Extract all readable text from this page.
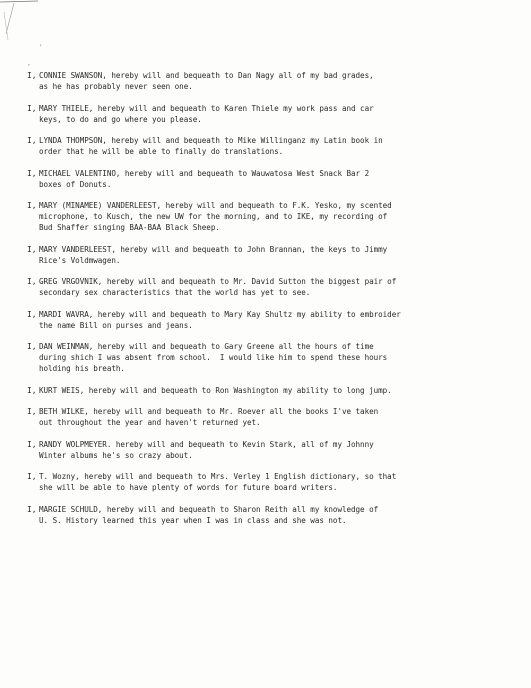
'
,
I, CONNIE SWANSON, hereby will and bequeath to Dan Nagy all of my bad grades,
as he has probably never seen one.
I, MARY THIELE, hereby will and bequeath to Karen Thiele my work pass and car
keys, to do and go where you please.
I, LYNDA THOMPSON, hereby will and bequeath to Mike Willinganz my Latin book in
order that he will be able to finally do translations.
I, MICHAEL VALENTINO, hereby will and bequeath to Wauwatosa West Snack Bar 2
boxes of Donuts.
I, MARY (MINAMEE) VANDERLEEST, hereby will and bequeath to F.K. Yesko, my scented
microphone, to Kusch, the new UW for the morning, and to IKE, my recording of
Bud Shaffer singing BAA-BAA Black Sheep.
I, MARY VANDERLEEST, hereby will and bequeath to John Brannan, the keys to Jimmy
Rice's Voldmwagen.
I, GREG VRGOVNIK, hereby will and bequeath to Mr. David Sutton the biggest pair of
secondary sex characteristics that the world has yet to see.
I, MARDI WAVRA, hereby will and bequeath to Mary Kay Shultz my ability to embroider
the name Bill on purses and jeans.
I, DAN WEINMAN, hereby will and bequeath to Gary Greene all the hours of time
during shich I was absent from school.  I would like him to spend these hours
holding his breath.
I, KURT WEIS, hereby will and bequeath to Ron Washington my ability to long jump.
I, BETH WILKE, hereby will and bequeath to Mr. Roever all the books I've taken
out throughout the year and haven't returned yet.
I, RANDY WOLPMEYER. hereby will and bequeath to Kevin Stark, all of my Johnny
Winter albums he's so crazy about.
I, T. Wozny, hereby will and bequeath to Mrs. Verley 1 English dictionary, so that
she will be able to have plenty of words for future board writers.
I, MARGIE SCHULD, hereby will and bequeath to Sharon Reith all my knowledge of
U. S. History learned this year when I was in class and she was not.
